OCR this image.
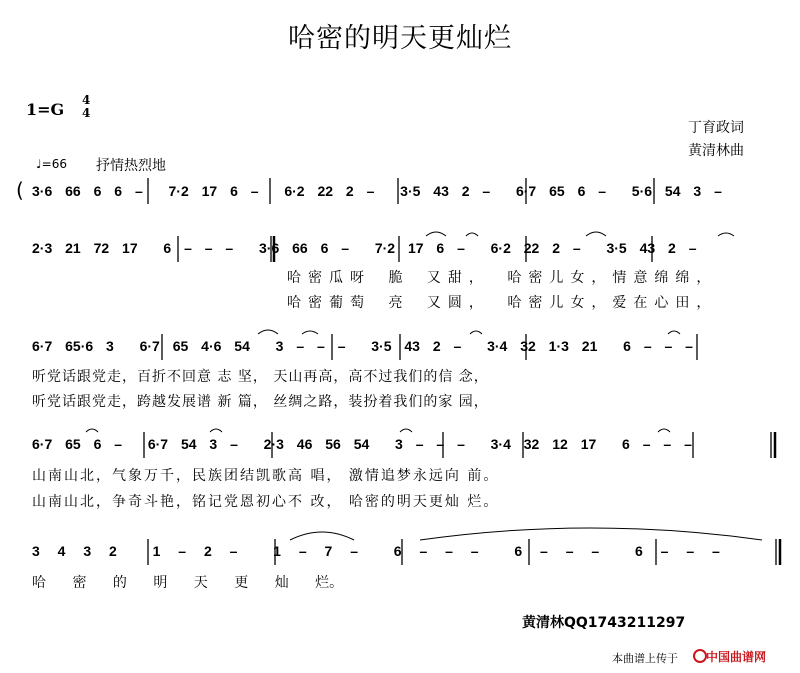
哈密的明天更灿烂
1=G 4
4
丁育政词
黄清林曲
♩=66 抒情热烈地
( 3·6 66 6 6 –  7·2 17 6 –  6·2 22 2 –  3·5 43 2 –  6·7 65 6 –  5·6 54 3 –
2·3 21 72 17  6 – – –  3·6 66 6 –  7·2 17 6 –  6·2 22 2 –  3·5 43 2 –
哈密瓜呀 脆 又甜， 哈密儿女，情意绵绵，
哈密葡萄 亮 又圆， 哈密儿女，爱在心田，
6·7 65·6 3  6·7 65 4·6 54  3 – – –  3·5 43 2 –  3·4 32 1·3 21  6 – – –
听党话跟党走，百折不回意 志 坚， 天山再高，高不过我们的信 念，
听党话跟党走，跨越发展谱 新 篇， 丝绸之路，装扮着我们的家 园，
6·7 65 6 –  6·7 54 3 –  2·3 46 56 54  3 – – –  3·4 32 12 17  6 – – –
山南山北，气象万千，民族团结凯歌高 唱， 激情追梦永远向 前。
山南山北，争奇斗艳，铭记党恩初心不 改， 哈密的明天更灿 烂。
3 4 3 2  1 – 2 –  1 – 7 –  6 – – –  6 – – –  6 – – –
哈 密 的 明 天 更 灿 烂。
黄清林QQ1743211297
本曲谱上传于 中国曲谱网
